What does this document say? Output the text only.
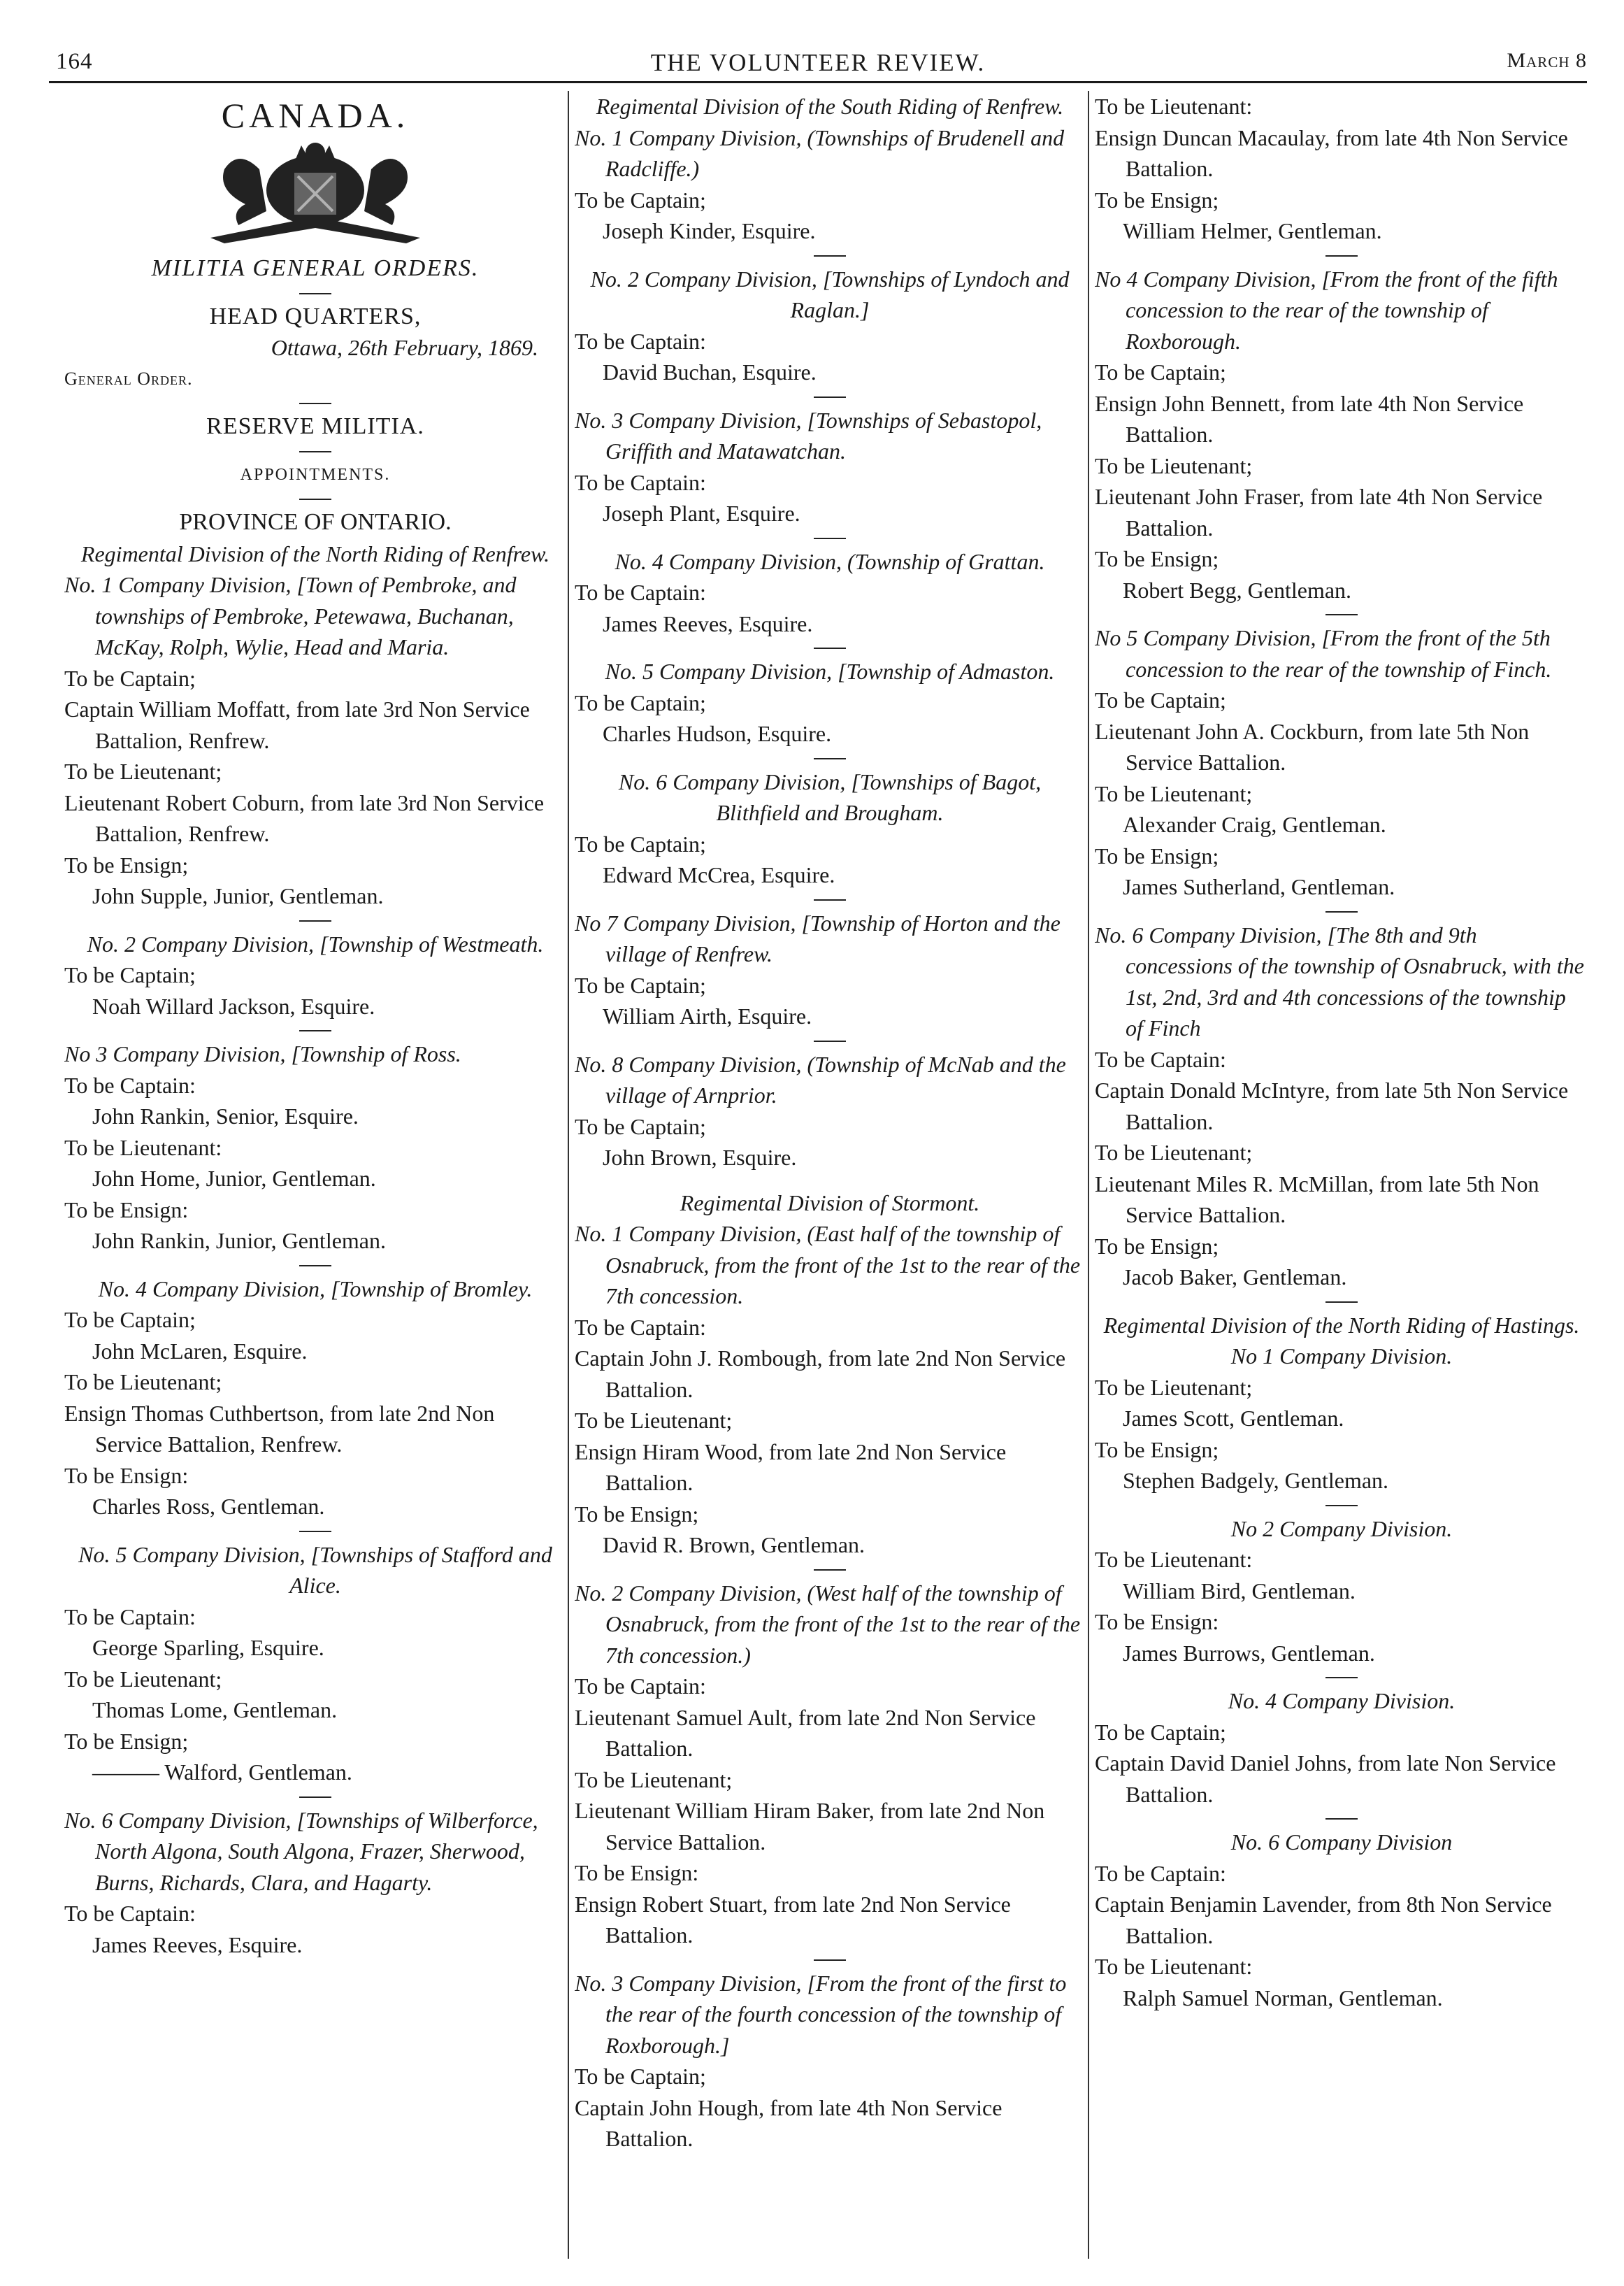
164	THE VOLUNTEER REVIEW.	March 8
CANADA.
MILITIA GENERAL ORDERS.
HEAD QUARTERS,
Ottawa, 26th February, 1869.
General Order.
RESERVE MILITIA.
APPOINTMENTS.
PROVINCE OF ONTARIO.
Regimental Division of the North Riding of Renfrew.
No. 1 Company Division, [Town of Pembroke, and townships of Pembroke, Petewawa, Buchanan, McKay, Rolph, Wylie, Head and Maria.
To be Captain;
Captain William Moffatt, from late 3rd Non Service Battalion, Renfrew.
To be Lieutenant;
Lieutenant Robert Coburn, from late 3rd Non Service Battalion, Renfrew.
To be Ensign;
John Supple, Junior, Gentleman.
No. 2 Company Division, [Township of Westmeath.
To be Captain;
Noah Willard Jackson, Esquire.
No 3 Company Division, [Township of Ross.
To be Captain:
John Rankin, Senior, Esquire.
To be Lieutenant:
John Home, Junior, Gentleman.
To be Ensign:
John Rankin, Junior, Gentleman.
No. 4 Company Division, [Township of Bromley.
To be Captain;
John McLaren, Esquire.
To be Lieutenant;
Ensign Thomas Cuthbertson, from late 2nd Non Service Battalion, Renfrew.
To be Ensign:
Charles Ross, Gentleman.
No. 5 Company Division, [Townships of Stafford and Alice.
To be Captain:
George Sparling, Esquire.
To be Lieutenant;
Thomas Lome, Gentleman.
To be Ensign;
——— Walford, Gentleman.
No. 6 Company Division, [Townships of Wilberforce, North Algona, South Algona, Frazer, Sherwood, Burns, Richards, Clara, and Hagarty.
To be Captain:
James Reeves, Esquire.
Regimental Division of the South Riding of Renfrew.
No. 1 Company Division, (Townships of Brudenell and Radcliffe.)
To be Captain;
Joseph Kinder, Esquire.
No. 2 Company Division, [Townships of Lyndoch and Raglan.]
To be Captain:
David Buchan, Esquire.
No. 3 Company Division, [Townships of Sebastopol, Griffith and Matawatchan.
To be Captain:
Joseph Plant, Esquire.
No. 4 Company Division, (Township of Grattan.
To be Captain:
James Reeves, Esquire.
No. 5 Company Division, [Township of Admaston.
To be Captain;
Charles Hudson, Esquire.
No. 6 Company Division, [Townships of Bagot, Blithfield and Brougham.
To be Captain;
Edward McCrea, Esquire.
No 7 Company Division, [Township of Horton and the village of Renfrew.
To be Captain;
William Airth, Esquire.
No. 8 Company Division, (Township of McNab and the village of Arnprior.
To be Captain;
John Brown, Esquire.
Regimental Division of Stormont.
No. 1 Company Division, (East half of the township of Osnabruck, from the front of the 1st to the rear of the 7th concession.
To be Captain:
Captain John J. Rombough, from late 2nd Non Service Battalion.
To be Lieutenant;
Ensign Hiram Wood, from late 2nd Non Service Battalion.
To be Ensign;
David R. Brown, Gentleman.
No. 2 Company Division, (West half of the township of Osnabruck, from the front of the 1st to the rear of the 7th concession.)
To be Captain:
Lieutenant Samuel Ault, from late 2nd Non Service Battalion.
To be Lieutenant;
Lieutenant William Hiram Baker, from late 2nd Non Service Battalion.
To be Ensign:
Ensign Robert Stuart, from late 2nd Non Service Battalion.
No. 3 Company Division, [From the front of the first to the rear of the fourth concession of the township of Roxborough.]
To be Captain;
Captain John Hough, from late 4th Non Service Battalion.
To be Lieutenant:
Ensign Duncan Macaulay, from late 4th Non Service Battalion.
To be Ensign;
William Helmer, Gentleman.
No 4 Company Division, [From the front of the fifth concession to the rear of the township of Roxborough.
To be Captain;
Ensign John Bennett, from late 4th Non Service Battalion.
To be Lieutenant;
Lieutenant John Fraser, from late 4th Non Service Battalion.
To be Ensign;
Robert Begg, Gentleman.
No 5 Company Division, [From the front of the 5th concession to the rear of the township of Finch.
To be Captain;
Lieutenant John A. Cockburn, from late 5th Non Service Battalion.
To be Lieutenant;
Alexander Craig, Gentleman.
To be Ensign;
James Sutherland, Gentleman.
No. 6 Company Division, [The 8th and 9th concessions of the township of Osnabruck, with the 1st, 2nd, 3rd and 4th concessions of the township of Finch
To be Captain:
Captain Donald McIntyre, from late 5th Non Service Battalion.
To be Lieutenant;
Lieutenant Miles R. McMillan, from late 5th Non Service Battalion.
To be Ensign;
Jacob Baker, Gentleman.
Regimental Division of the North Riding of Hastings.
No 1 Company Division.
To be Lieutenant;
James Scott, Gentleman.
To be Ensign;
Stephen Badgely, Gentleman.
No 2 Company Division.
To be Lieutenant:
William Bird, Gentleman.
To be Ensign:
James Burrows, Gentleman.
No. 4 Company Division.
To be Captain;
Captain David Daniel Johns, from late Non Service Battalion.
No. 6 Company Division
To be Captain:
Captain Benjamin Lavender, from 8th Non Service Battalion.
To be Lieutenant:
Ralph Samuel Norman, Gentleman.
